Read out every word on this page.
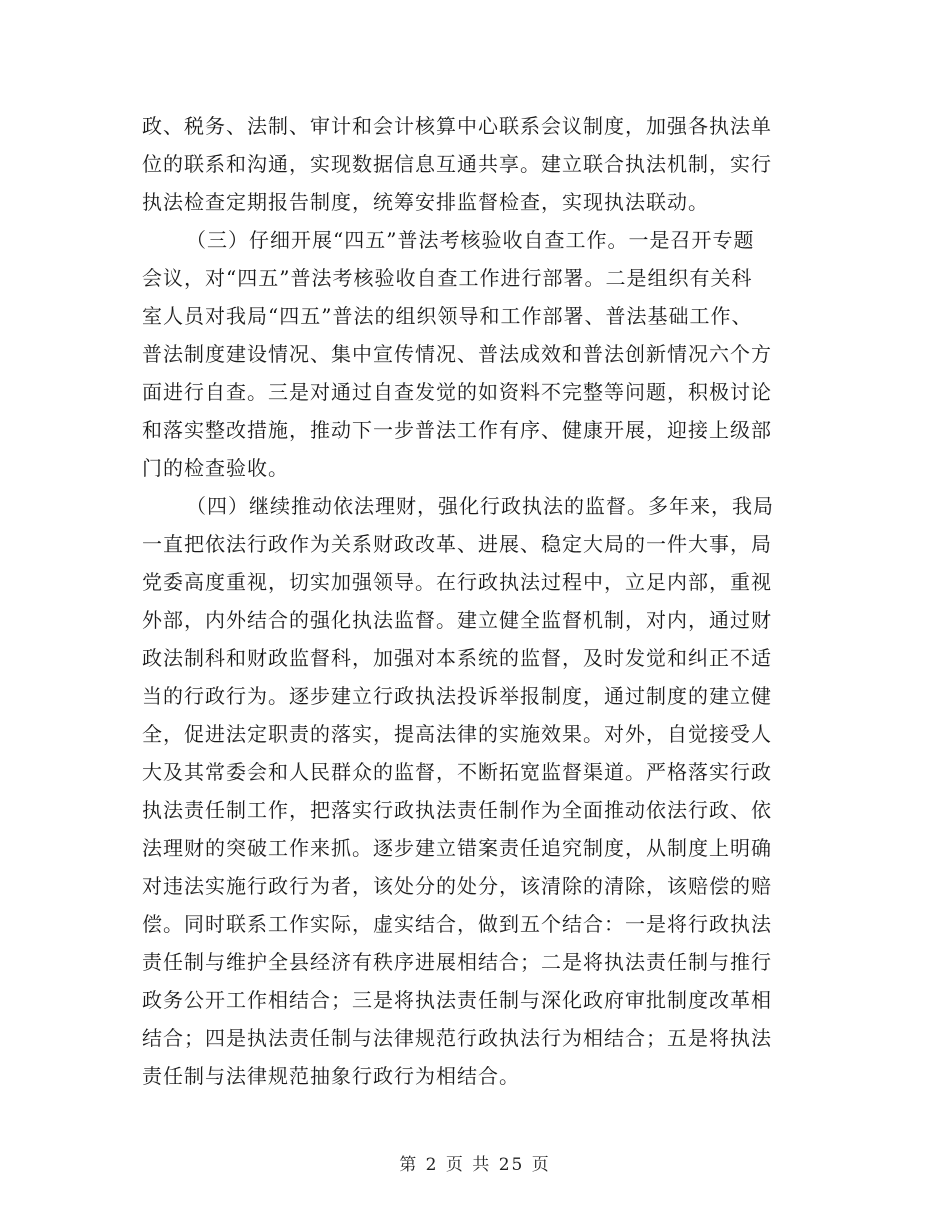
政、税务、法制、审计和会计核算中心联系会议制度，加强各执法单
位的联系和沟通，实现数据信息互通共享。建立联合执法机制，实行
执法检查定期报告制度，统筹安排监督检查，实现执法联动。
（三）仔细开展“四五”普法考核验收自查工作。一是召开专题
会议，对“四五”普法考核验收自查工作进行部署。二是组织有关科
室人员对我局“四五”普法的组织领导和工作部署、普法基础工作、
普法制度建设情况、集中宣传情况、普法成效和普法创新情况六个方
面进行自查。三是对通过自查发觉的如资料不完整等问题，积极讨论
和落实整改措施，推动下一步普法工作有序、健康开展，迎接上级部
门的检查验收。
（四）继续推动依法理财，强化行政执法的监督。多年来，我局
一直把依法行政作为关系财政改革、进展、稳定大局的一件大事，局
党委高度重视，切实加强领导。在行政执法过程中，立足内部，重视
外部，内外结合的强化执法监督。建立健全监督机制，对内，通过财
政法制科和财政监督科，加强对本系统的监督，及时发觉和纠正不适
当的行政行为。逐步建立行政执法投诉举报制度，通过制度的建立健
全，促进法定职责的落实，提高法律的实施效果。对外，自觉接受人
大及其常委会和人民群众的监督，不断拓宽监督渠道。严格落实行政
执法责任制工作，把落实行政执法责任制作为全面推动依法行政、依
法理财的突破工作来抓。逐步建立错案责任追究制度，从制度上明确
对违法实施行政行为者，该处分的处分，该清除的清除，该赔偿的赔
偿。同时联系工作实际，虚实结合，做到五个结合：一是将行政执法
责任制与维护全县经济有秩序进展相结合；二是将执法责任制与推行
政务公开工作相结合；三是将执法责任制与深化政府审批制度改革相
结合；四是执法责任制与法律规范行政执法行为相结合；五是将执法
责任制与法律规范抽象行政行为相结合。
第 2 页 共 25 页
